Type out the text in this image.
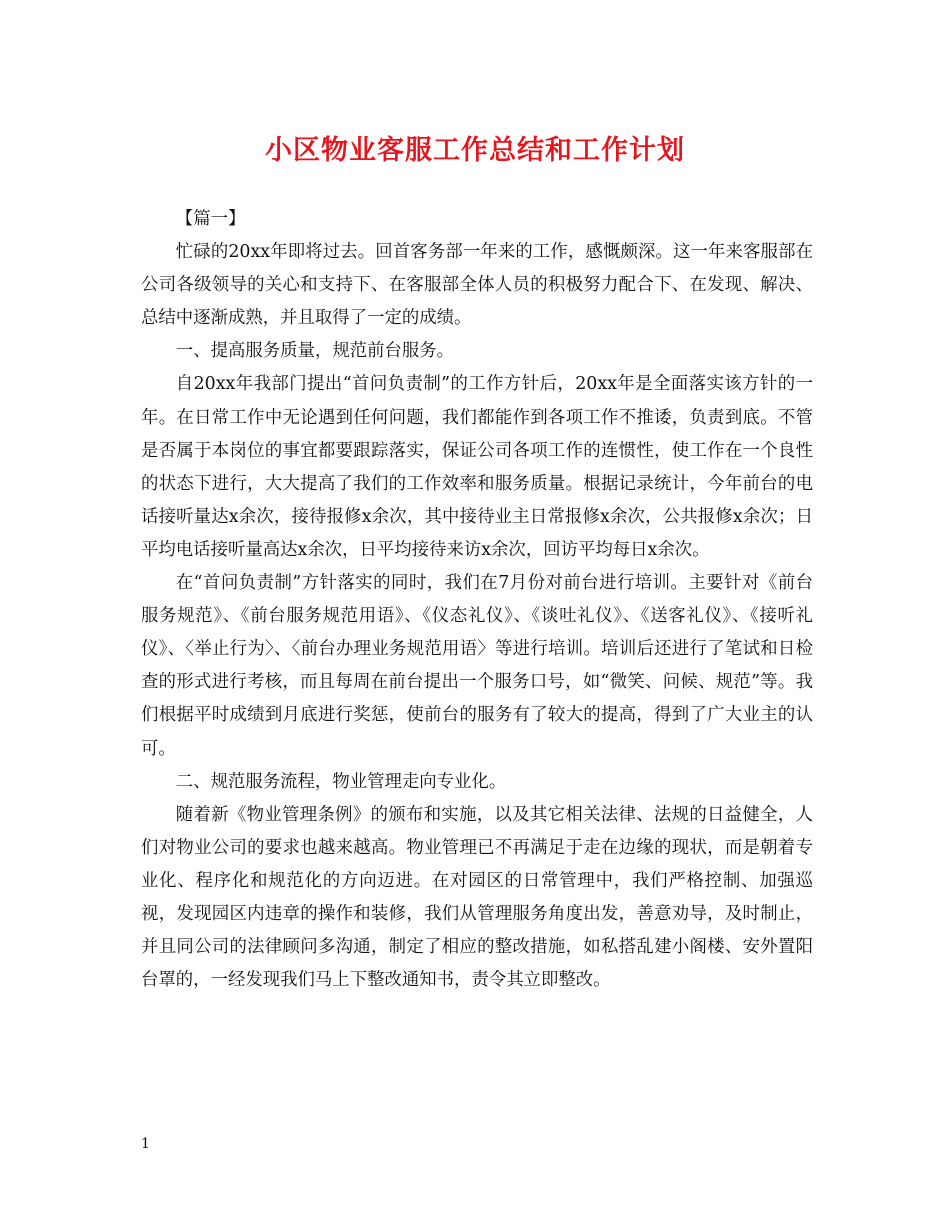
小区物业客服工作总结和工作计划

【篇一】

忙碌的20xx年即将过去。回首客务部一年来的工作，感慨颇深。这一年来客服部在公司各级领导的关心和支持下、在客服部全体人员的积极努力配合下、在发现、解决、总结中逐渐成熟，并且取得了一定的成绩。

一、提高服务质量，规范前台服务。

自20xx年我部门提出“首问负责制”的工作方针后，20xx年是全面落实该方针的一年。在日常工作中无论遇到任何问题，我们都能作到各项工作不推诿，负责到底。不管是否属于本岗位的事宜都要跟踪落实，保证公司各项工作的连惯性，使工作在一个良性的状态下进行，大大提高了我们的工作效率和服务质量。根据记录统计，今年前台的电话接听量达x余次，接待报修x余次，其中接待业主日常报修x余次，公共报修x余次；日平均电话接听量高达x余次，日平均接待来访x余次，回访平均每日x余次。

在“首问负责制”方针落实的同时，我们在7月份对前台进行培训。主要针对《前台服务规范》、《前台服务规范用语》、《仪态礼仪》、《谈吐礼仪》、《送客礼仪》、《接听礼仪》、〈举止行为〉、〈前台办理业务规范用语〉等进行培训。培训后还进行了笔试和日检查的形式进行考核，而且每周在前台提出一个服务口号，如“微笑、问候、规范”等。我们根据平时成绩到月底进行奖惩，使前台的服务有了较大的提高，得到了广大业主的认可。

二、规范服务流程，物业管理走向专业化。

随着新《物业管理条例》的颁布和实施，以及其它相关法律、法规的日益健全，人们对物业公司的要求也越来越高。物业管理已不再满足于走在边缘的现状，而是朝着专业化、程序化和规范化的方向迈进。在对园区的日常管理中，我们严格控制、加强巡视，发现园区内违章的操作和装修，我们从管理服务角度出发，善意劝导，及时制止，并且同公司的法律顾问多沟通，制定了相应的整改措施，如私搭乱建小阁楼、安外置阳台罩的，一经发现我们马上下整改通知书，责令其立即整改。

1
